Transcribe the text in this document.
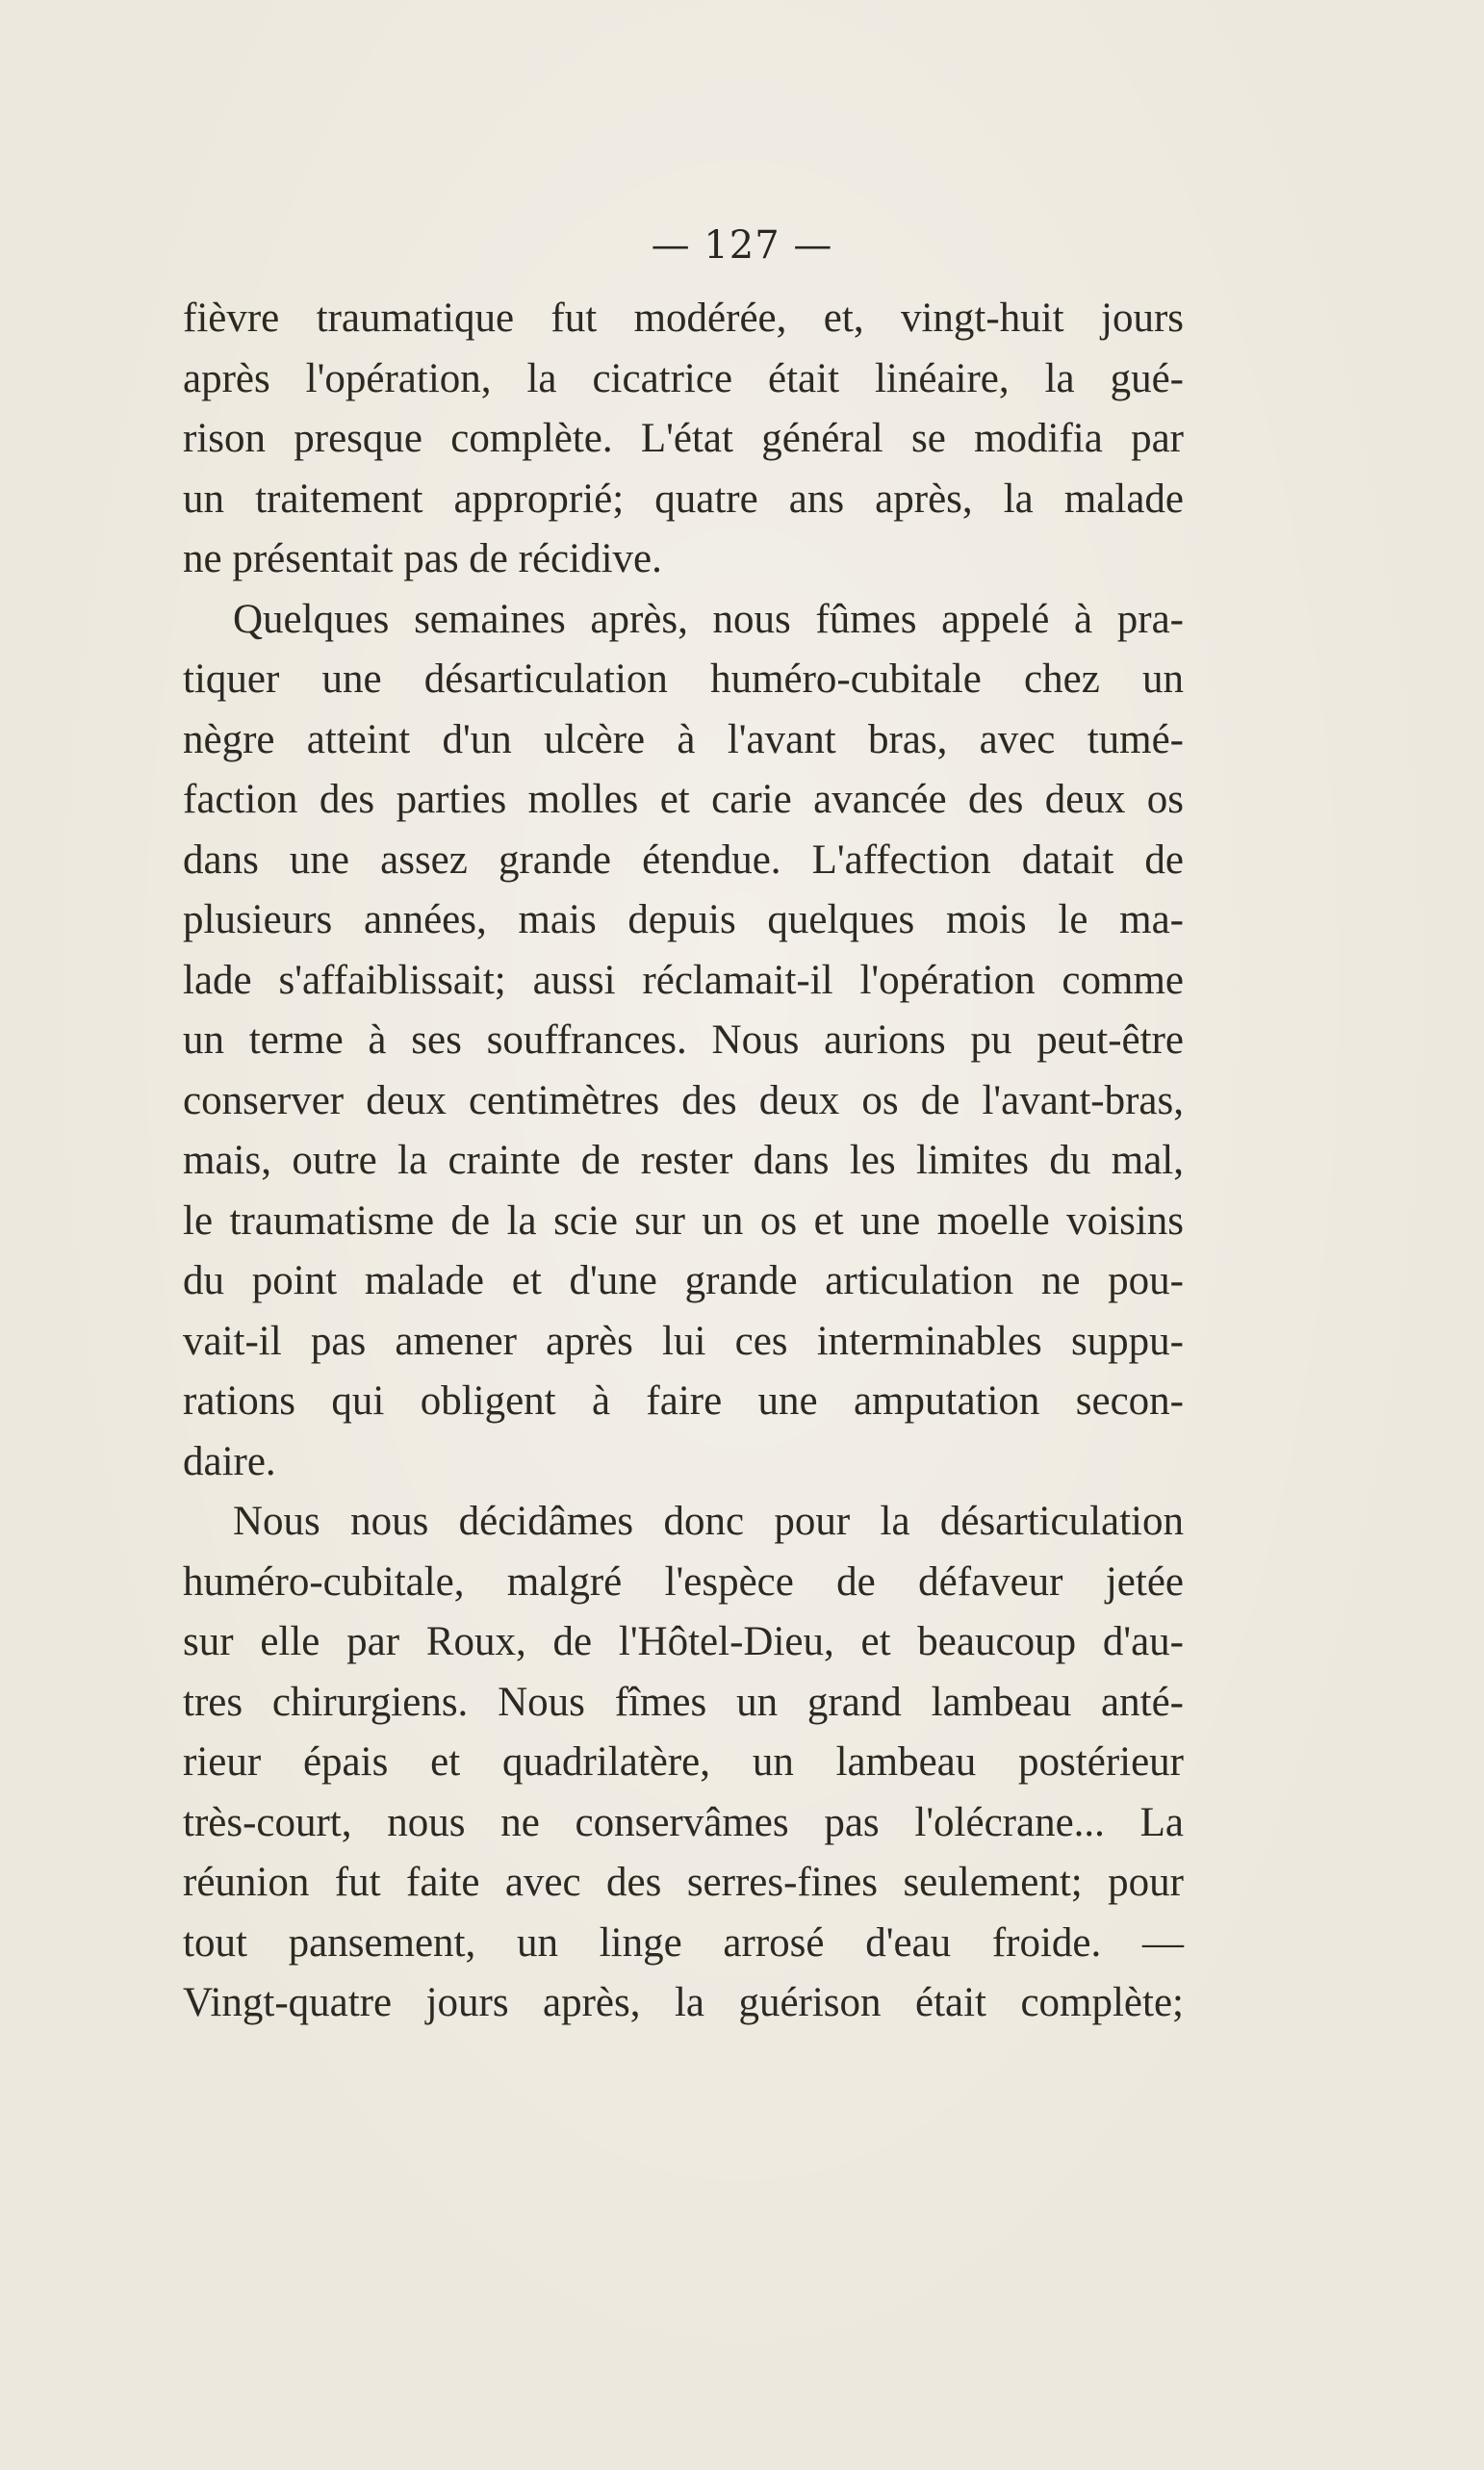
— 127 —
fièvre traumatique fut modérée, et, vingt-huit jours
après l'opération, la cicatrice était linéaire, la gué-
rison presque complète. L'état général se modifia par
un traitement approprié; quatre ans après, la malade
ne présentait pas de récidive.
Quelques semaines après, nous fûmes appelé à pra-
tiquer une désarticulation huméro-cubitale chez un
nègre atteint d'un ulcère à l'avant bras, avec tumé-
faction des parties molles et carie avancée des deux os
dans une assez grande étendue. L'affection datait de
plusieurs années, mais depuis quelques mois le ma-
lade s'affaiblissait; aussi réclamait-il l'opération comme
un terme à ses souffrances. Nous aurions pu peut-être
conserver deux centimètres des deux os de l'avant-bras,
mais, outre la crainte de rester dans les limites du mal,
le traumatisme de la scie sur un os et une moelle voisins
du point malade et d'une grande articulation ne pou-
vait-il pas amener après lui ces interminables suppu-
rations qui obligent à faire une amputation secon-
daire.
Nous nous décidâmes donc pour la désarticulation
huméro-cubitale, malgré l'espèce de défaveur jetée
sur elle par Roux, de l'Hôtel-Dieu, et beaucoup d'au-
tres chirurgiens. Nous fîmes un grand lambeau anté-
rieur épais et quadrilatère, un lambeau postérieur
très-court, nous ne conservâmes pas l'olécrane... La
réunion fut faite avec des serres-fines seulement; pour
tout pansement, un linge arrosé d'eau froide. —
Vingt-quatre jours après, la guérison était complète;
